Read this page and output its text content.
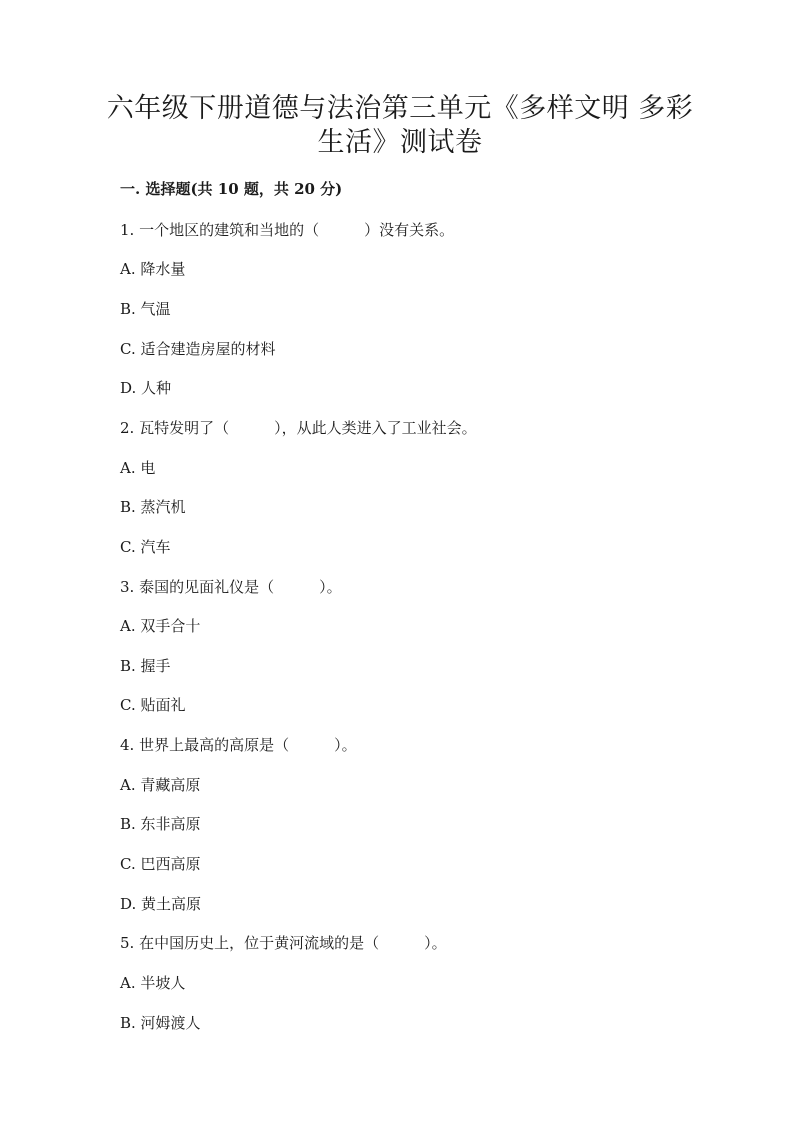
六年级下册道德与法治第三单元《多样文明 多彩生活》测试卷
一. 选择题(共 10 题，共 20 分)
1. 一个地区的建筑和当地的（　　　）没有关系。
A. 降水量
B. 气温
C. 适合建造房屋的材料
D. 人种
2. 瓦特发明了（　　　），从此人类进入了工业社会。
A. 电
B. 蒸汽机
C. 汽车
3. 泰国的见面礼仪是（　　　）。
A. 双手合十
B. 握手
C. 贴面礼
4. 世界上最高的高原是（　　　）。
A. 青藏高原
B. 东非高原
C. 巴西高原
D. 黄土高原
5. 在中国历史上，位于黄河流域的是（　　　）。
A. 半坡人
B. 河姆渡人
